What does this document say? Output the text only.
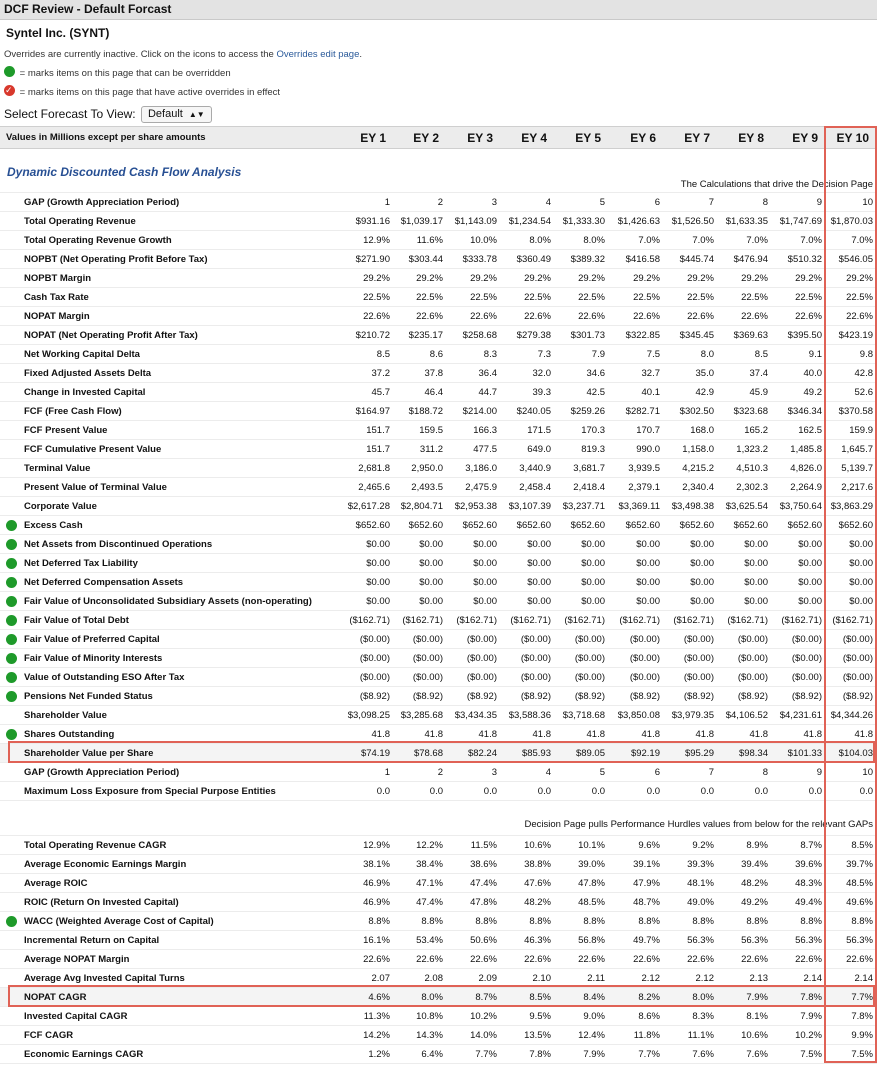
DCF Review - Default Forcast
Syntel Inc. (SYNT)
Overrides are currently inactive. Click on the icons to access the Overrides edit page.
= marks items on this page that can be overridden
✓ = marks items on this page that have active overrides in effect
Select Forecast To View: Default ▲▼
Values in Millions except per share amounts	EY 1	EY 2	EY 3	EY 4	EY 5	EY 6	EY 7	EY 8	EY 9	EY 10
Dynamic Discounted Cash Flow Analysis										
The Calculations that drive the Decision Page										
GAP (Growth Appreciation Period)	1	2	3	4	5	6	7	8	9	10
Total Operating Revenue	$931.16	$1,039.17	$1,143.09	$1,234.54	$1,333.30	$1,426.63	$1,526.50	$1,633.35	$1,747.69	$1,870.03
Total Operating Revenue Growth	12.9%	11.6%	10.0%	8.0%	8.0%	7.0%	7.0%	7.0%	7.0%	7.0%
NOPBT (Net Operating Profit Before Tax)	$271.90	$303.44	$333.78	$360.49	$389.32	$416.58	$445.74	$476.94	$510.32	$546.05
NOPBT Margin	29.2%	29.2%	29.2%	29.2%	29.2%	29.2%	29.2%	29.2%	29.2%	29.2%
Cash Tax Rate	22.5%	22.5%	22.5%	22.5%	22.5%	22.5%	22.5%	22.5%	22.5%	22.5%
NOPAT Margin	22.6%	22.6%	22.6%	22.6%	22.6%	22.6%	22.6%	22.6%	22.6%	22.6%
NOPAT (Net Operating Profit After Tax)	$210.72	$235.17	$258.68	$279.38	$301.73	$322.85	$345.45	$369.63	$395.50	$423.19
Net Working Capital Delta	8.5	8.6	8.3	7.3	7.9	7.5	8.0	8.5	9.1	9.8
Fixed Adjusted Assets Delta	37.2	37.8	36.4	32.0	34.6	32.7	35.0	37.4	40.0	42.8
Change in Invested Capital	45.7	46.4	44.7	39.3	42.5	40.1	42.9	45.9	49.2	52.6
FCF (Free Cash Flow)	$164.97	$188.72	$214.00	$240.05	$259.26	$282.71	$302.50	$323.68	$346.34	$370.58
FCF Present Value	151.7	159.5	166.3	171.5	170.3	170.7	168.0	165.2	162.5	159.9
FCF Cumulative Present Value	151.7	311.2	477.5	649.0	819.3	990.0	1,158.0	1,323.2	1,485.8	1,645.7
Terminal Value	2,681.8	2,950.0	3,186.0	3,440.9	3,681.7	3,939.5	4,215.2	4,510.3	4,826.0	5,139.7
Present Value of Terminal Value	2,465.6	2,493.5	2,475.9	2,458.4	2,418.4	2,379.1	2,340.4	2,302.3	2,264.9	2,217.6
Corporate Value	$2,617.28	$2,804.71	$2,953.38	$3,107.39	$3,237.71	$3,369.11	$3,498.38	$3,625.54	$3,750.64	$3,863.29

Excess Cash	$652.60	$652.60	$652.60	$652.60	$652.60	$652.60	$652.60	$652.60	$652.60	$652.60

Net Assets from Discontinued Operations	$0.00	$0.00	$0.00	$0.00	$0.00	$0.00	$0.00	$0.00	$0.00	$0.00

Net Deferred Tax Liability	$0.00	$0.00	$0.00	$0.00	$0.00	$0.00	$0.00	$0.00	$0.00	$0.00

Net Deferred Compensation Assets	$0.00	$0.00	$0.00	$0.00	$0.00	$0.00	$0.00	$0.00	$0.00	$0.00

Fair Value of Unconsolidated Subsidiary Assets (non-operating)	$0.00	$0.00	$0.00	$0.00	$0.00	$0.00	$0.00	$0.00	$0.00	$0.00

Fair Value of Total Debt	($162.71)	($162.71)	($162.71)	($162.71)	($162.71)	($162.71)	($162.71)	($162.71)	($162.71)	($162.71)

Fair Value of Preferred Capital	($0.00)	($0.00)	($0.00)	($0.00)	($0.00)	($0.00)	($0.00)	($0.00)	($0.00)	($0.00)

Fair Value of Minority Interests	($0.00)	($0.00)	($0.00)	($0.00)	($0.00)	($0.00)	($0.00)	($0.00)	($0.00)	($0.00)

Value of Outstanding ESO After Tax	($0.00)	($0.00)	($0.00)	($0.00)	($0.00)	($0.00)	($0.00)	($0.00)	($0.00)	($0.00)

Pensions Net Funded Status	($8.92)	($8.92)	($8.92)	($8.92)	($8.92)	($8.92)	($8.92)	($8.92)	($8.92)	($8.92)
Shareholder Value	$3,098.25	$3,285.68	$3,434.35	$3,588.36	$3,718.68	$3,850.08	$3,979.35	$4,106.52	$4,231.61	$4,344.26

Shares Outstanding	41.8	41.8	41.8	41.8	41.8	41.8	41.8	41.8	41.8	41.8
Shareholder Value per Share	$74.19	$78.68	$82.24	$85.93	$89.05	$92.19	$95.29	$98.34	$101.33	$104.03
GAP (Growth Appreciation Period)	1	2	3	4	5	6	7	8	9	10
Maximum Loss Exposure from Special Purpose Entities	0.0	0.0	0.0	0.0	0.0	0.0	0.0	0.0	0.0	0.0

Decision Page pulls Performance Hurdles values from below for the relevant GAPs										
Total Operating Revenue CAGR	12.9%	12.2%	11.5%	10.6%	10.1%	9.6%	9.2%	8.9%	8.7%	8.5%
Average Economic Earnings Margin	38.1%	38.4%	38.6%	38.8%	39.0%	39.1%	39.3%	39.4%	39.6%	39.7%
Average ROIC	46.9%	47.1%	47.4%	47.6%	47.8%	47.9%	48.1%	48.2%	48.3%	48.5%
ROIC (Return On Invested Capital)	46.9%	47.4%	47.8%	48.2%	48.5%	48.7%	49.0%	49.2%	49.4%	49.6%

WACC (Weighted Average Cost of Capital)	8.8%	8.8%	8.8%	8.8%	8.8%	8.8%	8.8%	8.8%	8.8%	8.8%
Incremental Return on Capital	16.1%	53.4%	50.6%	46.3%	56.8%	49.7%	56.3%	56.3%	56.3%	56.3%
Average NOPAT Margin	22.6%	22.6%	22.6%	22.6%	22.6%	22.6%	22.6%	22.6%	22.6%	22.6%
Average Avg Invested Capital Turns	2.07	2.08	2.09	2.10	2.11	2.12	2.12	2.13	2.14	2.14
NOPAT CAGR	4.6%	8.0%	8.7%	8.5%	8.4%	8.2%	8.0%	7.9%	7.8%	7.7%
Invested Capital CAGR	11.3%	10.8%	10.2%	9.5%	9.0%	8.6%	8.3%	8.1%	7.9%	7.8%
FCF CAGR	14.2%	14.3%	14.0%	13.5%	12.4%	11.8%	11.1%	10.6%	10.2%	9.9%
Economic Earnings CAGR	1.2%	6.4%	7.7%	7.8%	7.9%	7.7%	7.6%	7.6%	7.5%	7.5%
